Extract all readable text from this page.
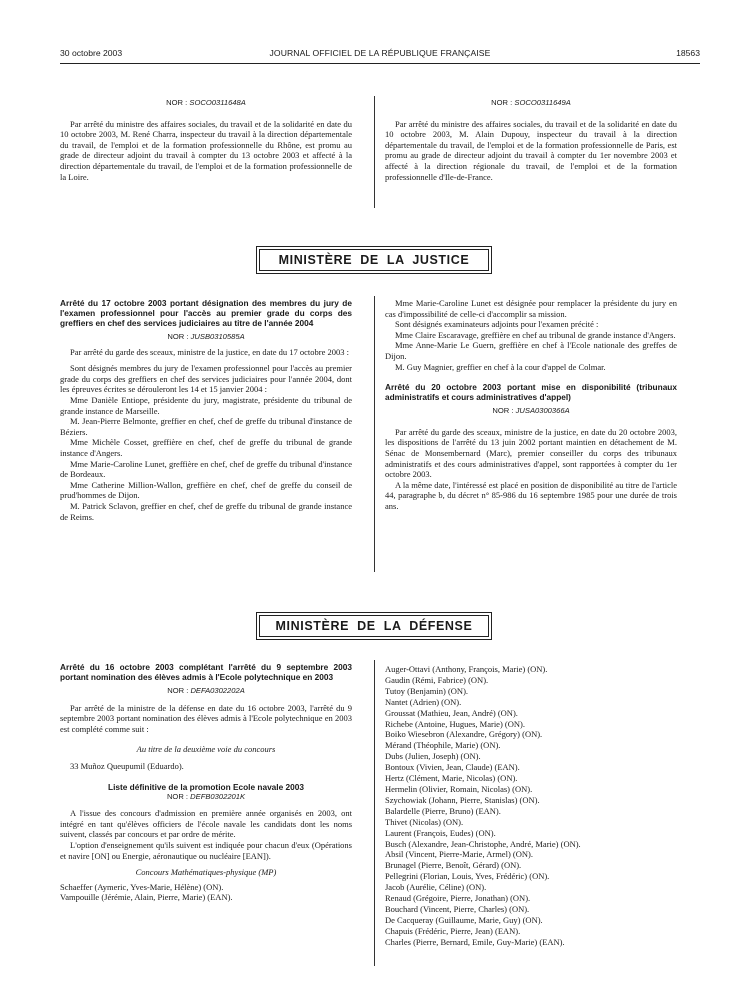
30 octobre 2003	JOURNAL OFFICIEL DE LA RÉPUBLIQUE FRANÇAISE	18563

NOR : SOCO0311648A

Par arrêté du ministre des affaires sociales, du travail et de la solidarité en date du 10 octobre 2003, M. René Charra, inspecteur du travail à la direction départementale du travail, de l'emploi et de la formation professionnelle du Rhône, est promu au grade de directeur adjoint du travail à compter du 13 octobre 2003 et affecté à la direction départementale du travail, de l'emploi et de la formation professionnelle de la Loire.

NOR : SOCO0311649A

Par arrêté du ministre des affaires sociales, du travail et de la solidarité en date du 10 octobre 2003, M. Alain Dupouy, inspecteur du travail à la direction départementale du travail, de l'emploi et de la formation professionnelle de Paris, est promu au grade de directeur adjoint du travail à compter du 1er novembre 2003 et affecté à la direction régionale du travail, de l'emploi et de la formation professionnelle d'Ile-de-France.

MINISTÈRE DE LA JUSTICE

Arrêté du 17 octobre 2003 portant désignation des membres du jury de l'examen professionnel pour l'accès au premier grade du corps des greffiers en chef des services judiciaires au titre de l'année 2004

NOR : JUSB0310585A

Par arrêté du garde des sceaux, ministre de la justice, en date du 17 octobre 2003 :

Sont désignés membres du jury de l'examen professionnel pour l'accès au premier grade du corps des greffiers en chef des services judiciaires pour l'année 2004, dont les épreuves écrites se dérouleront les 14 et 15 janvier 2004 :

Mme Danièle Entiope, présidente du jury, magistrate, présidente du tribunal de grande instance de Marseille.

M. Jean-Pierre Belmonte, greffier en chef, chef de greffe du tribunal d'instance de Béziers.

Mme Michèle Cosset, greffière en chef, chef de greffe du tribunal de grande instance d'Angers.

Mme Marie-Caroline Lunet, greffière en chef, chef de greffe du tribunal d'instance de Bordeaux.

Mme Catherine Million-Wallon, greffière en chef, chef de greffe du conseil de prud'hommes de Dijon.

M. Patrick Sclavon, greffier en chef, chef de greffe du tribunal de grande instance de Reims.

Mme Marie-Caroline Lunet est désignée pour remplacer la présidente du jury en cas d'impossibilité de celle-ci d'accomplir sa mission.

Sont désignés examinateurs adjoints pour l'examen précité :

Mme Claire Escaravage, greffière en chef au tribunal de grande instance d'Angers.

Mme Anne-Marie Le Guern, greffière en chef à l'Ecole nationale des greffes de Dijon.

M. Guy Magnier, greffier en chef à la cour d'appel de Colmar.

Arrêté du 20 octobre 2003 portant mise en disponibilité (tribunaux administratifs et cours administratives d'appel)

NOR : JUSA0300366A

Par arrêté du garde des sceaux, ministre de la justice, en date du 20 octobre 2003, les dispositions de l'arrêté du 13 juin 2002 portant maintien en détachement de M. Sénac de Monsembernard (Marc), premier conseiller du corps des tribunaux administratifs et des cours administratives d'appel, sont rapportées à compter du 1er octobre 2003.

A la même date, l'intéressé est placé en position de disponibilité au titre de l'article 44, paragraphe b, du décret n° 85-986 du 16 septembre 1985 pour une durée de trois ans.

MINISTÈRE DE LA DÉFENSE

Arrêté du 16 octobre 2003 complétant l'arrêté du 9 septembre 2003 portant nomination des élèves admis à l'Ecole polytechnique en 2003

NOR : DEFA0302202A

Par arrêté de la ministre de la défense en date du 16 octobre 2003, l'arrêté du 9 septembre 2003 portant nomination des élèves admis à l'Ecole polytechnique en 2003 est complété comme suit :

Au titre de la deuxième voie du concours

33 Muñoz Queupumil (Eduardo).

Liste définitive de la promotion Ecole navale 2003

NOR : DEFB0302201K

A l'issue des concours d'admission en première année organisés en 2003, ont intégré en tant qu'élèves officiers de l'école navale les candidats dont les noms suivent, classés par concours et par ordre de mérite.

L'option d'enseignement qu'ils suivent est indiquée pour chacun d'eux (Opérations et navire [ON] ou Energie, aéronautique ou nucléaire [EAN]).

Concours Mathématiques-physique (MP)

Schaeffer (Aymeric, Yves-Marie, Hélène) (ON).

Vampouille (Jérémie, Alain, Pierre, Marie) (EAN).

Auger-Ottavi (Anthony, François, Marie) (ON).

Gaudin (Rémi, Fabrice) (ON).

Tutoy (Benjamin) (ON).

Nantet (Adrien) (ON).

Groussat (Mathieu, Jean, André) (ON).

Richebe (Antoine, Hugues, Marie) (ON).

Boiko Wiesebron (Alexandre, Grégory) (ON).

Mérand (Théophile, Marie) (ON).

Dubs (Julien, Joseph) (ON).

Bontoux (Vivien, Jean, Claude) (EAN).

Hertz (Clément, Marie, Nicolas) (ON).

Hermelin (Olivier, Romain, Nicolas) (ON).

Szychowiak (Johann, Pierre, Stanislas) (ON).

Balardelle (Pierre, Bruno) (EAN).

Thivet (Nicolas) (ON).

Laurent (François, Eudes) (ON).

Busch (Alexandre, Jean-Christophe, André, Marie) (ON).

Absil (Vincent, Pierre-Marie, Armel) (ON).

Brunagel (Pierre, Benoît, Gérard) (ON).

Pellegrini (Florian, Louis, Yves, Frédéric) (ON).

Jacob (Aurélie, Céline) (ON).

Renaud (Grégoire, Pierre, Jonathan) (ON).

Bouchard (Vincent, Pierre, Charles) (ON).

De Cacqueray (Guillaume, Marie, Guy) (ON).

Chapuis (Frédéric, Pierre, Jean) (EAN).

Charles (Pierre, Bernard, Emile, Guy-Marie) (EAN).
